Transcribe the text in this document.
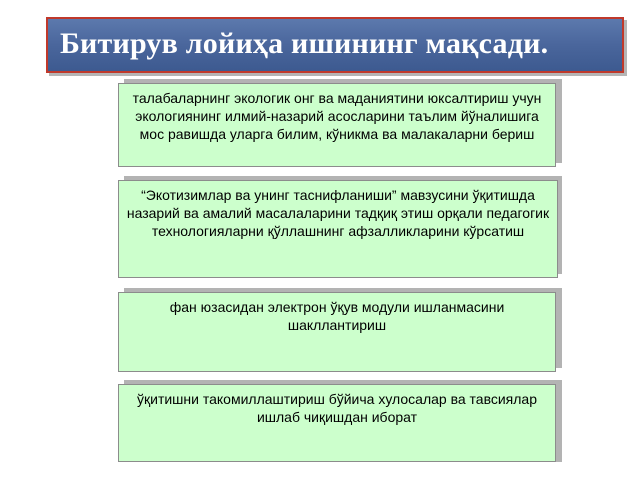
Битирув лойиҳа ишининг мақсади.
талабаларнинг экологик онг ва маданиятини юксалтириш учун экологиянинг илмий-назарий асосларини таълим йўналишига мос равишда уларга билим, кўникма ва малакаларни бериш
“Экотизимлар ва унинг таснифланиши” мавзусини ўқитишда назарий ва амалий масалаларини тадқиқ этиш орқали педагогик технологияларни қўллашнинг афзалликларини кўрсатиш
фан юзасидан электрон ўқув модули ишланмасини шакллантириш
ўқитишни такомиллаштириш бўйича хулосалар ва тавсиялар ишлаб чиқишдан иборат
